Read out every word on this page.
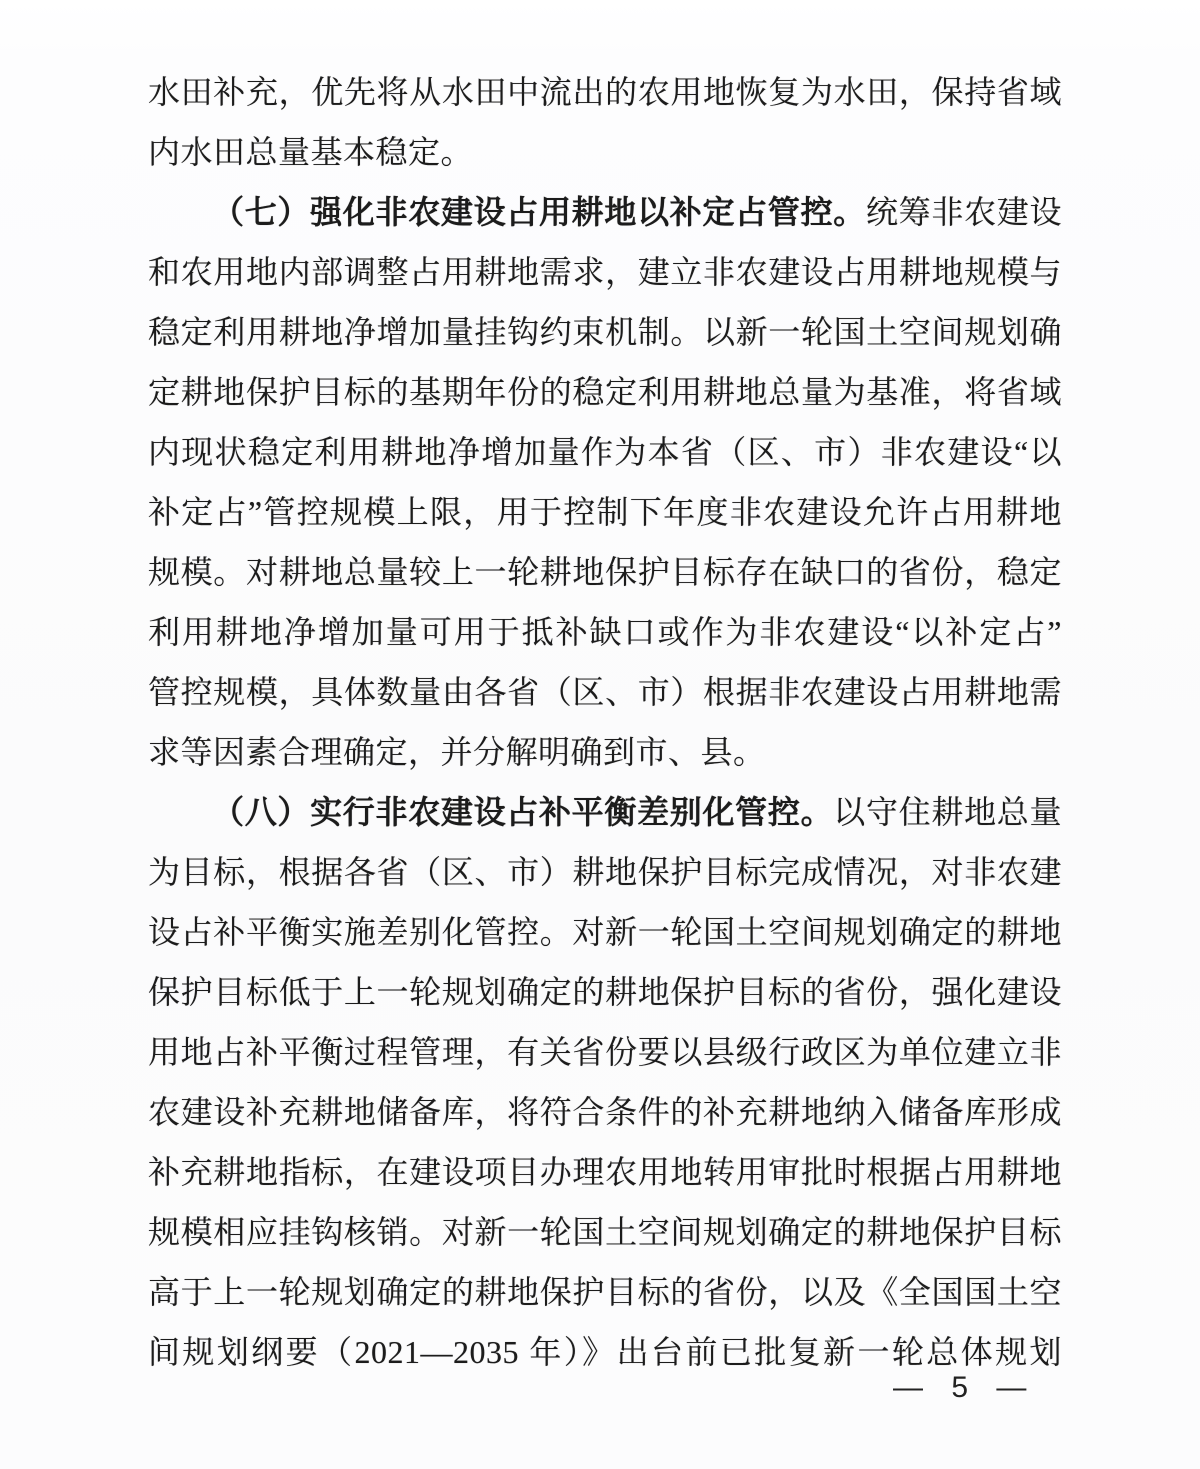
水田补充，优先将从水田中流出的农用地恢复为水田，保持省域
内水田总量基本稳定。
（七）强化非农建设占用耕地以补定占管控。统筹非农建设
和农用地内部调整占用耕地需求，建立非农建设占用耕地规模与
稳定利用耕地净增加量挂钩约束机制。以新一轮国土空间规划确
定耕地保护目标的基期年份的稳定利用耕地总量为基准，将省域
内现状稳定利用耕地净增加量作为本省（区、市）非农建设“以
补定占”管控规模上限，用于控制下年度非农建设允许占用耕地
规模。对耕地总量较上一轮耕地保护目标存在缺口的省份，稳定
利用耕地净增加量可用于抵补缺口或作为非农建设“以补定占”
管控规模，具体数量由各省（区、市）根据非农建设占用耕地需
求等因素合理确定，并分解明确到市、县。
（八）实行非农建设占补平衡差别化管控。以守住耕地总量
为目标，根据各省（区、市）耕地保护目标完成情况，对非农建
设占补平衡实施差别化管控。对新一轮国土空间规划确定的耕地
保护目标低于上一轮规划确定的耕地保护目标的省份，强化建设
用地占补平衡过程管理，有关省份要以县级行政区为单位建立非
农建设补充耕地储备库，将符合条件的补充耕地纳入储备库形成
补充耕地指标，在建设项目办理农用地转用审批时根据占用耕地
规模相应挂钩核销。对新一轮国土空间规划确定的耕地保护目标
高于上一轮规划确定的耕地保护目标的省份，以及《全国国土空
间规划纲要（2021—2035 年）》出台前已批复新一轮总体规划
— 5 —
